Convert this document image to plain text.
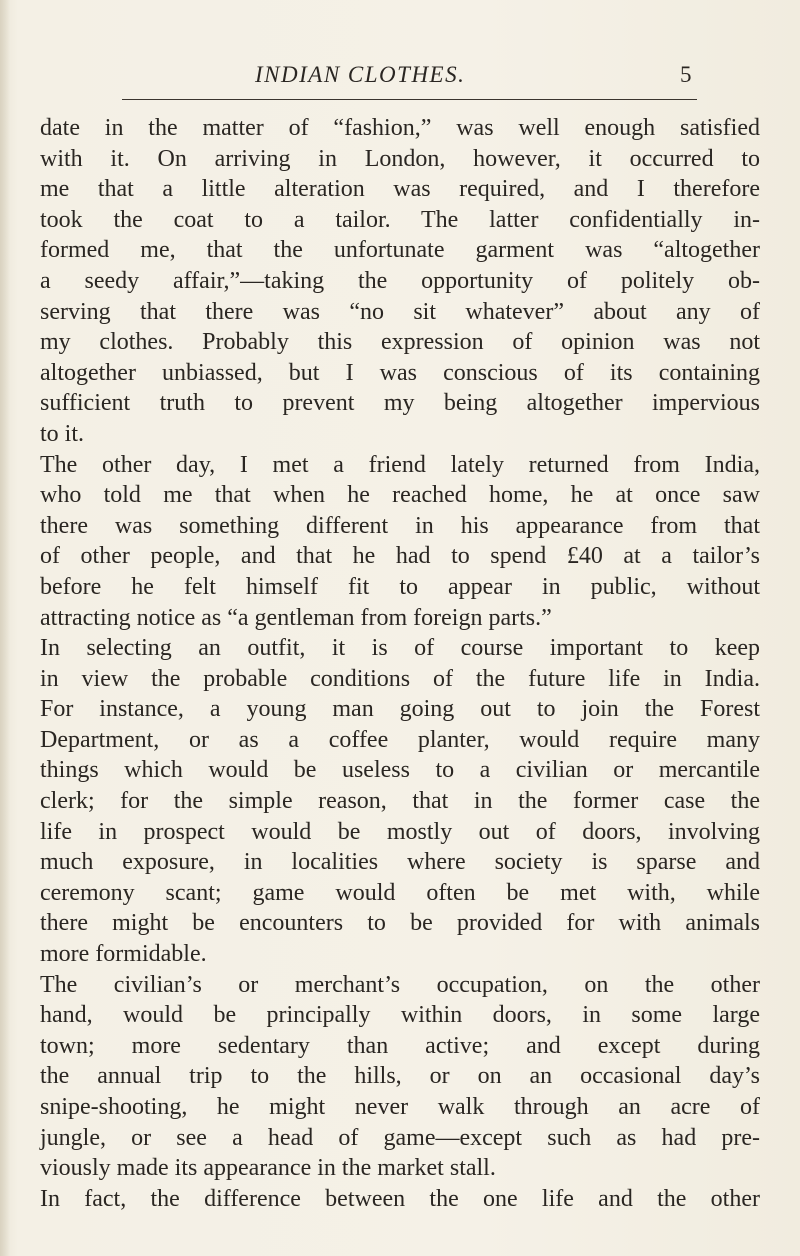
INDIAN CLOTHES.	5
date in the matter of “fashion,” was well enough satisfied
with it. On arriving in London, however, it occurred to
me that a little alteration was required, and I therefore
took the coat to a tailor. The latter confidentially in-
formed me, that the unfortunate garment was “altogether
a seedy affair,”—taking the opportunity of politely ob-
serving that there was “no sit whatever” about any of
my clothes. Probably this expression of opinion was not
altogether unbiassed, but I was conscious of its containing
sufficient truth to prevent my being altogether impervious
to it.
The other day, I met a friend lately returned from India,
who told me that when he reached home, he at once saw
there was something different in his appearance from that
of other people, and that he had to spend £40 at a tailor’s
before he felt himself fit to appear in public, without
attracting notice as “a gentleman from foreign parts.”
In selecting an outfit, it is of course important to keep
in view the probable conditions of the future life in India.
For instance, a young man going out to join the Forest
Department, or as a coffee planter, would require many
things which would be useless to a civilian or mercantile
clerk; for the simple reason, that in the former case the
life in prospect would be mostly out of doors, involving
much exposure, in localities where society is sparse and
ceremony scant; game would often be met with, while
there might be encounters to be provided for with animals
more formidable.
The civilian’s or merchant’s occupation, on the other
hand, would be principally within doors, in some large
town; more sedentary than active; and except during
the annual trip to the hills, or on an occasional day’s
snipe-shooting, he might never walk through an acre of
jungle, or see a head of game—except such as had pre-
viously made its appearance in the market stall.
In fact, the difference between the one life and the other
